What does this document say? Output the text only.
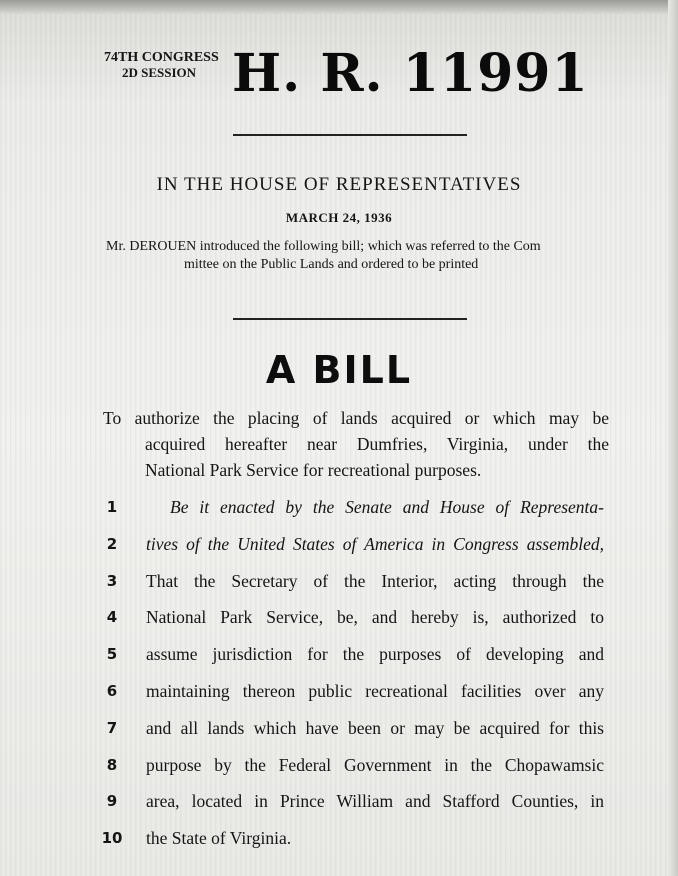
74TH CONGRESS
2D SESSION H. R. 11991
IN THE HOUSE OF REPRESENTATIVES
MARCH 24, 1936
Mr. DEROUEN introduced the following bill; which was referred to the Com
mittee on the Public Lands and ordered to be printed
A BILL
To authorize the placing of lands acquired or which may be
acquired hereafter near Dumfries, Virginia, under the
National Park Service for recreational purposes.
1	Be it enacted by the Senate and House of Representa-
2	tives of the United States of America in Congress assembled,
3	That the Secretary of the Interior, acting through the
4	National Park Service, be, and hereby is, authorized to
5	assume jurisdiction for the purposes of developing and
6	maintaining thereon public recreational facilities over any
7	and all lands which have been or may be acquired for this
8	purpose by the Federal Government in the Chopawamsic
9	area, located in Prince William and Stafford Counties, in
10 the State of Virginia.
